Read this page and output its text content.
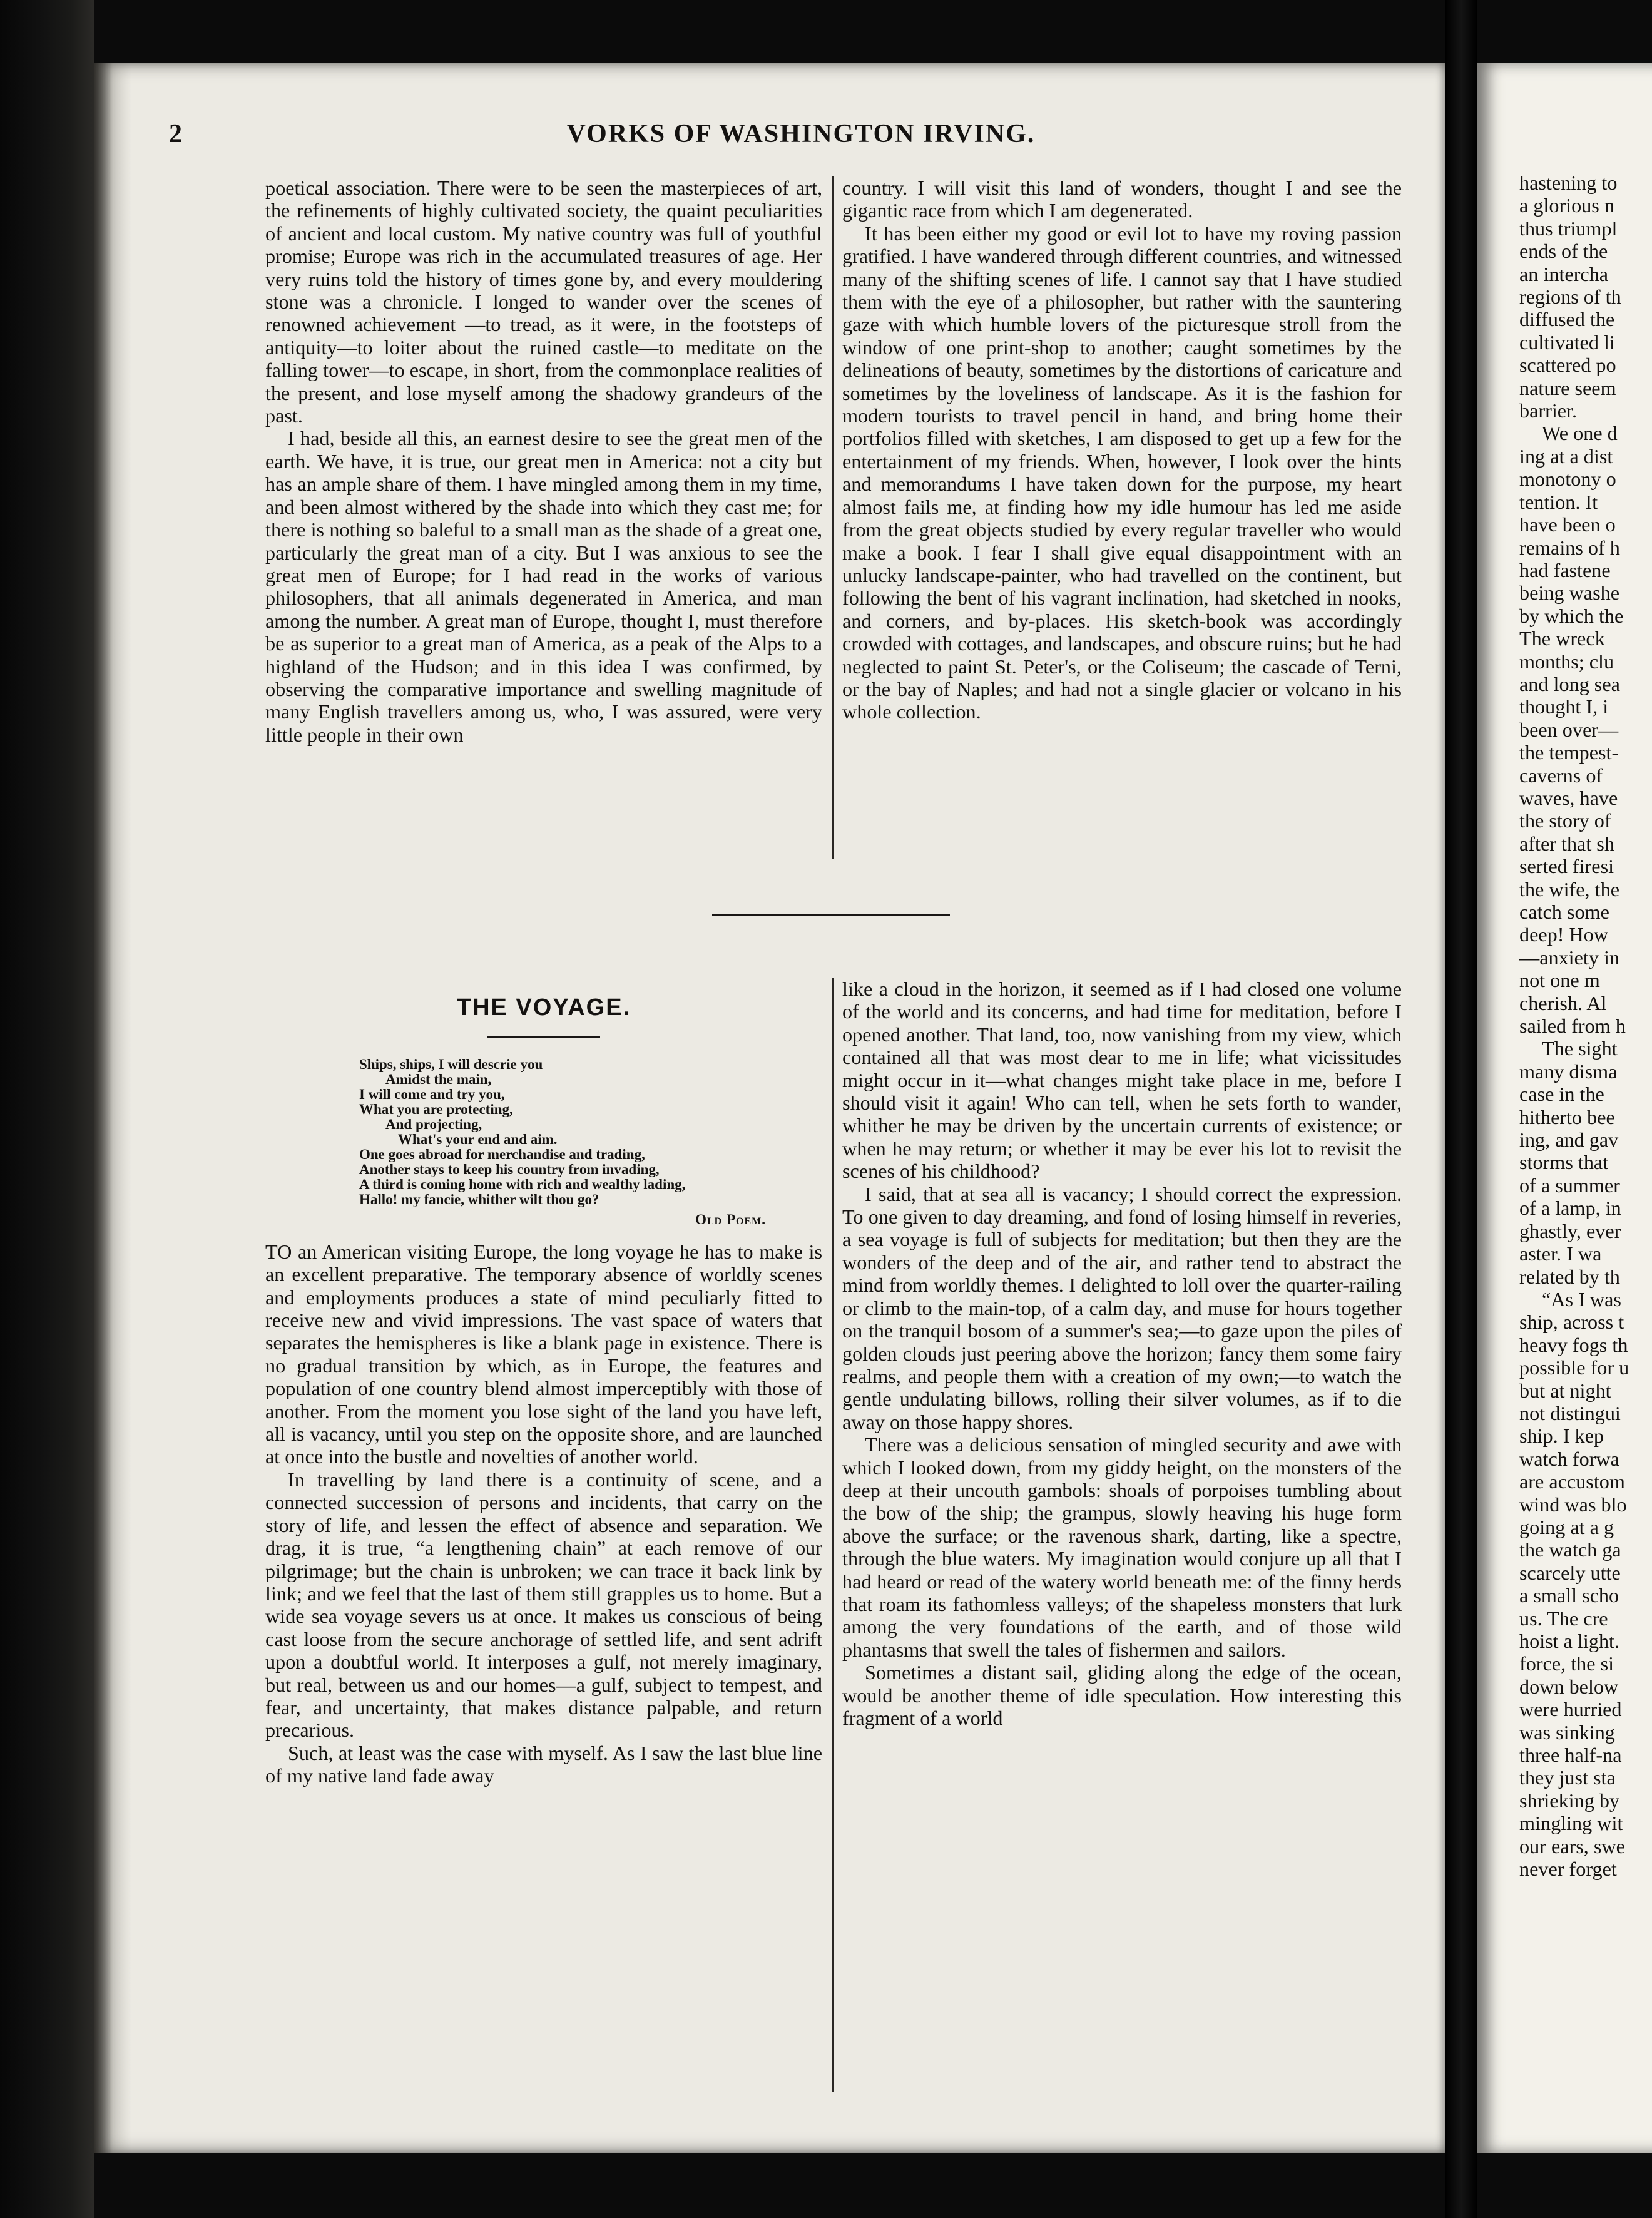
hastening to
a glorious n
thus triumpl
ends of the
an intercha
regions of th
diffused the
cultivated li
scattered po
nature seem
barrier.
We one d
ing at a dist
monotony o
tention. It
have been o
remains of h
had fastene
being washe
by which the
The wreck
months; clu
and long sea
thought I, i
been over—
the tempest-
caverns of
waves, have
the story of
after that sh
serted firesi
the wife, the
catch some
deep! How
—anxiety in
not one m
cherish. Al
sailed from h
The sight
many disma
case in the
hitherto bee
ing, and gav
storms that
of a summer
of a lamp, in
ghastly, ever
aster. I wa
related by th
“As I was
ship, across t
heavy fogs th
possible for u
but at night
not distingui
ship. I kep
watch forwa
are accustom
wind was blo
going at a g
the watch ga
scarcely utte
a small scho
us. The cre
hoist a light.
force, the si
down below
were hurried
was sinking
three half-na
they just sta
shrieking by
mingling wit
our ears, swe
never forget
2	VORKS OF WASHINGTON IRVING.

poetical association. There were to be seen the masterpieces of art, the refinements of highly cultivated society, the quaint peculiarities of ancient and local custom. My native country was full of youthful promise; Europe was rich in the accumulated treasures of age. Her very ruins told the history of times gone by, and every mouldering stone was a chronicle. I longed to wander over the scenes of renowned achievement —to tread, as it were, in the footsteps of antiquity—to loiter about the ruined castle—to meditate on the falling tower—to escape, in short, from the commonplace realities of the present, and lose myself among the shadowy grandeurs of the past.

I had, beside all this, an earnest desire to see the great men of the earth. We have, it is true, our great men in America: not a city but has an ample share of them. I have mingled among them in my time, and been almost withered by the shade into which they cast me; for there is nothing so baleful to a small man as the shade of a great one, particularly the great man of a city. But I was anxious to see the great men of Europe; for I had read in the works of various philosophers, that all animals degenerated in America, and man among the number. A great man of Europe, thought I, must therefore be as superior to a great man of America, as a peak of the Alps to a highland of the Hudson; and in this idea I was confirmed, by observing the comparative importance and swelling magnitude of many English travellers among us, who, I was assured, were very little people in their own

country. I will visit this land of wonders, thought I and see the gigantic race from which I am degenerated.

It has been either my good or evil lot to have my roving passion gratified. I have wandered through different countries, and witnessed many of the shifting scenes of life. I cannot say that I have studied them with the eye of a philosopher, but rather with the sauntering gaze with which humble lovers of the picturesque stroll from the window of one print-shop to another; caught sometimes by the delineations of beauty, sometimes by the distortions of caricature and sometimes by the loveliness of landscape. As it is the fashion for modern tourists to travel pencil in hand, and bring home their portfolios filled with sketches, I am disposed to get up a few for the entertainment of my friends. When, however, I look over the hints and memorandums I have taken down for the purpose, my heart almost fails me, at finding how my idle humour has led me aside from the great objects studied by every regular traveller who would make a book. I fear I shall give equal disappointment with an unlucky landscape-painter, who had travelled on the continent, but following the bent of his vagrant inclination, had sketched in nooks, and corners, and by-places. His sketch-book was accordingly crowded with cottages, and landscapes, and obscure ruins; but he had neglected to paint St. Peter's, or the Coliseum; the cascade of Terni, or the bay of Naples; and had not a single glacier or volcano in his whole collection.

THE VOYAGE.
Ships, ships, I will descrie you
Amidst the main,
I will come and try you,
What you are protecting,
And projecting,
What's your end and aim.
One goes abroad for merchandise and trading,
Another stays to keep his country from invading,
A third is coming home with rich and wealthy lading,
Hallo! my fancie, whither wilt thou go?
Old Poem.

TO an American visiting Europe, the long voyage he has to make is an excellent preparative. The temporary absence of worldly scenes and employments produces a state of mind peculiarly fitted to receive new and vivid impressions. The vast space of waters that separates the hemispheres is like a blank page in existence. There is no gradual transition by which, as in Europe, the features and population of one country blend almost imperceptibly with those of another. From the moment you lose sight of the land you have left, all is vacancy, until you step on the opposite shore, and are launched at once into the bustle and novelties of another world.

In travelling by land there is a continuity of scene, and a connected succession of persons and incidents, that carry on the story of life, and lessen the effect of absence and separation. We drag, it is true, “a lengthening chain” at each remove of our pilgrimage; but the chain is unbroken; we can trace it back link by link; and we feel that the last of them still grapples us to home. But a wide sea voyage severs us at once. It makes us conscious of being cast loose from the secure anchorage of settled life, and sent adrift upon a doubtful world. It interposes a gulf, not merely imaginary, but real, between us and our homes—a gulf, subject to tempest, and fear, and uncertainty, that makes distance palpable, and return precarious.

Such, at least was the case with myself. As I saw the last blue line of my native land fade away

like a cloud in the horizon, it seemed as if I had closed one volume of the world and its concerns, and had time for meditation, before I opened another. That land, too, now vanishing from my view, which contained all that was most dear to me in life; what vicissitudes might occur in it—what changes might take place in me, before I should visit it again! Who can tell, when he sets forth to wander, whither he may be driven by the uncertain currents of existence; or when he may return; or whether it may be ever his lot to revisit the scenes of his childhood?

I said, that at sea all is vacancy; I should correct the expression. To one given to day dreaming, and fond of losing himself in reveries, a sea voyage is full of subjects for meditation; but then they are the wonders of the deep and of the air, and rather tend to abstract the mind from worldly themes. I delighted to loll over the quarter-railing or climb to the main-top, of a calm day, and muse for hours together on the tranquil bosom of a summer's sea;—to gaze upon the piles of golden clouds just peering above the horizon; fancy them some fairy realms, and people them with a creation of my own;—to watch the gentle undulating billows, rolling their silver volumes, as if to die away on those happy shores.

There was a delicious sensation of mingled security and awe with which I looked down, from my giddy height, on the monsters of the deep at their uncouth gambols: shoals of porpoises tumbling about the bow of the ship; the grampus, slowly heaving his huge form above the surface; or the ravenous shark, darting, like a spectre, through the blue waters. My imagination would conjure up all that I had heard or read of the watery world beneath me: of the finny herds that roam its fathomless valleys; of the shapeless monsters that lurk among the very foundations of the earth, and of those wild phantasms that swell the tales of fishermen and sailors.

Sometimes a distant sail, gliding along the edge of the ocean, would be another theme of idle speculation. How interesting this fragment of a world
